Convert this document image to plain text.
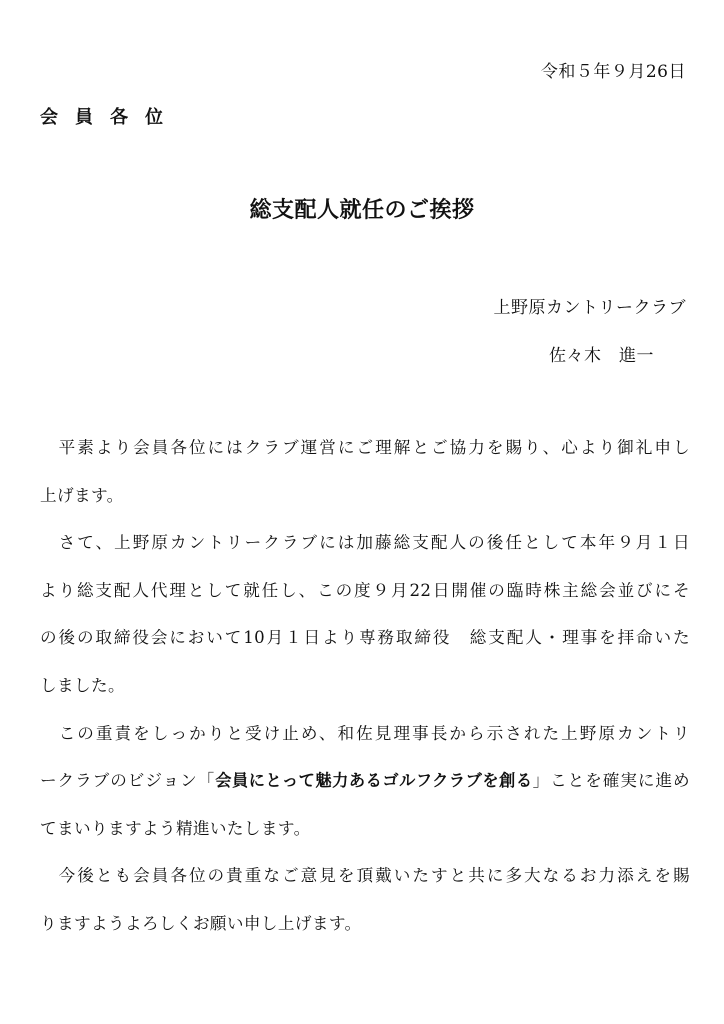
令和５年９月26日
会員各位
総支配人就任のご挨拶
上野原カントリークラブ
佐々木　進一
　平素より会員各位にはクラブ運営にご理解とご協力を賜り、心より御礼申し
上げます。
　さて、上野原カントリークラブには加藤総支配人の後任として本年９月１日
より総支配人代理として就任し、この度９月22日開催の臨時株主総会並びにそ
の後の取締役会において10月１日より専務取締役　総支配人・理事を拝命いた
しました。
　この重責をしっかりと受け止め、和佐見理事長から示された上野原カントリ
ークラブのビジョン「会員にとって魅力あるゴルフクラブを創る」ことを確実に進め
てまいりますよう精進いたします。
　今後とも会員各位の貴重なご意見を頂戴いたすと共に多大なるお力添えを賜
りますようよろしくお願い申し上げます。
